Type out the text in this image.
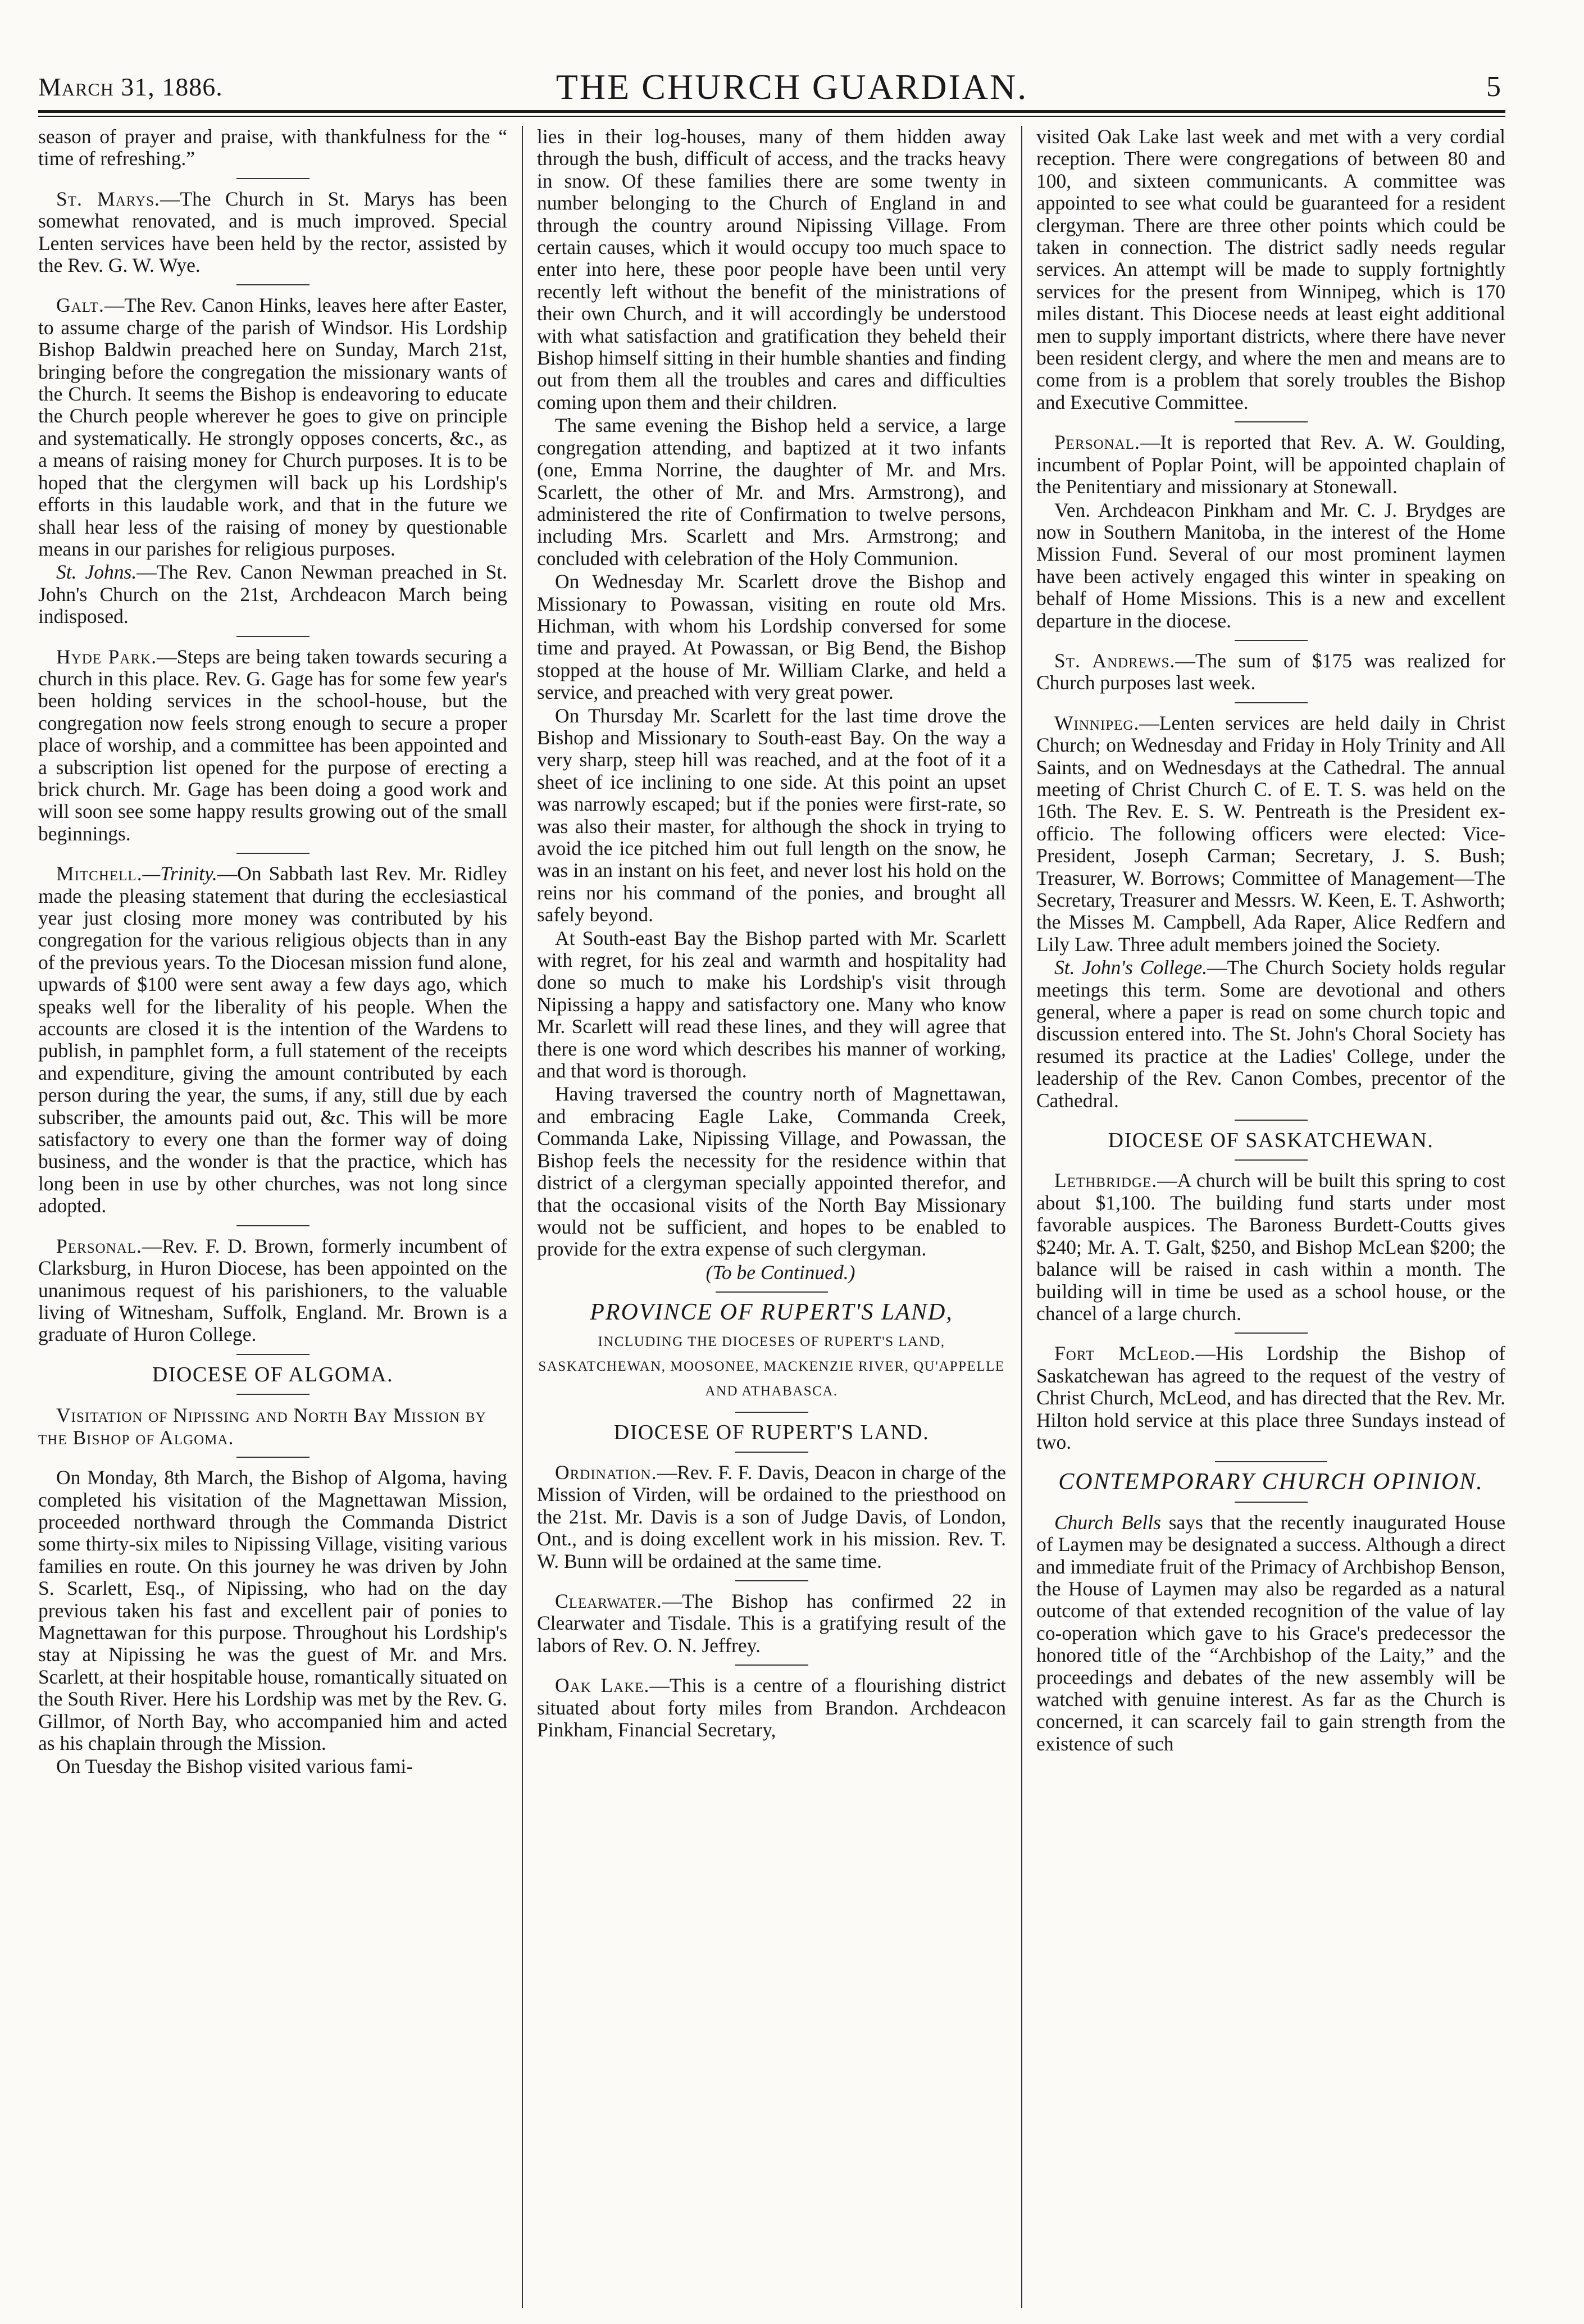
March 31, 1886.	THE CHURCH GUARDIAN.	5

season of prayer and praise, with thankfulness for the “ time of refreshing.”

St. Marys.—The Church in St. Marys has been somewhat renovated, and is much improved. Special Lenten services have been held by the rector, assisted by the Rev. G. W. Wye.

Galt.—The Rev. Canon Hinks, leaves here after Easter, to assume charge of the parish of Windsor. His Lordship Bishop Baldwin preached here on Sunday, March 21st, bringing before the congregation the missionary wants of the Church. It seems the Bishop is endeavoring to educate the Church people wherever he goes to give on principle and systematically. He strongly opposes concerts, &c., as a means of raising money for Church purposes. It is to be hoped that the clergymen will back up his Lordship's efforts in this laudable work, and that in the future we shall hear less of the raising of money by questionable means in our parishes for religious purposes.

St. Johns.—The Rev. Canon Newman preached in St. John's Church on the 21st, Archdeacon March being indisposed.

Hyde Park.—Steps are being taken towards securing a church in this place. Rev. G. Gage has for some few year's been holding services in the school-house, but the congregation now feels strong enough to secure a proper place of worship, and a committee has been appointed and a subscription list opened for the purpose of erecting a brick church. Mr. Gage has been doing a good work and will soon see some happy results growing out of the small beginnings.

Mitchell.—Trinity.—On Sabbath last Rev. Mr. Ridley made the pleasing statement that during the ecclesiastical year just closing more money was contributed by his congregation for the various religious objects than in any of the previous years. To the Diocesan mission fund alone, upwards of $100 were sent away a few days ago, which speaks well for the liberality of his people. When the accounts are closed it is the intention of the Wardens to publish, in pamphlet form, a full statement of the receipts and expenditure, giving the amount contributed by each person during the year, the sums, if any, still due by each subscriber, the amounts paid out, &c. This will be more satisfactory to every one than the former way of doing business, and the wonder is that the practice, which has long been in use by other churches, was not long since adopted.

Personal.—Rev. F. D. Brown, formerly incumbent of Clarksburg, in Huron Diocese, has been appointed on the unanimous request of his parishioners, to the valuable living of Witnesham, Suffolk, England. Mr. Brown is a graduate of Huron College.

DIOCESE OF ALGOMA.

Visitation of Nipissing and North Bay Mission by the Bishop of Algoma.

On Monday, 8th March, the Bishop of Algoma, having completed his visitation of the Magnettawan Mission, proceeded northward through the Commanda District some thirty-six miles to Nipissing Village, visiting various families en route. On this journey he was driven by John S. Scarlett, Esq., of Nipissing, who had on the day previous taken his fast and excellent pair of ponies to Magnettawan for this purpose. Throughout his Lordship's stay at Nipissing he was the guest of Mr. and Mrs. Scarlett, at their hospitable house, romantically situated on the South River. Here his Lordship was met by the Rev. G. Gillmor, of North Bay, who accompanied him and acted as his chaplain through the Mission.

On Tuesday the Bishop visited various fami-

lies in their log-houses, many of them hidden away through the bush, difficult of access, and the tracks heavy in snow. Of these families there are some twenty in number belonging to the Church of England in and through the country around Nipissing Village. From certain causes, which it would occupy too much space to enter into here, these poor people have been until very recently left without the benefit of the ministrations of their own Church, and it will accordingly be understood with what satisfaction and gratification they beheld their Bishop himself sitting in their humble shanties and finding out from them all the troubles and cares and difficulties coming upon them and their children.

The same evening the Bishop held a service, a large congregation attending, and baptized at it two infants (one, Emma Norrine, the daughter of Mr. and Mrs. Scarlett, the other of Mr. and Mrs. Armstrong), and administered the rite of Confirmation to twelve persons, including Mrs. Scarlett and Mrs. Armstrong; and concluded with celebration of the Holy Communion.

On Wednesday Mr. Scarlett drove the Bishop and Missionary to Powassan, visiting en route old Mrs. Hichman, with whom his Lordship conversed for some time and prayed. At Powassan, or Big Bend, the Bishop stopped at the house of Mr. William Clarke, and held a service, and preached with very great power.

On Thursday Mr. Scarlett for the last time drove the Bishop and Missionary to South-east Bay. On the way a very sharp, steep hill was reached, and at the foot of it a sheet of ice inclining to one side. At this point an upset was narrowly escaped; but if the ponies were first-rate, so was also their master, for although the shock in trying to avoid the ice pitched him out full length on the snow, he was in an instant on his feet, and never lost his hold on the reins nor his command of the ponies, and brought all safely beyond.

At South-east Bay the Bishop parted with Mr. Scarlett with regret, for his zeal and warmth and hospitality had done so much to make his Lordship's visit through Nipissing a happy and satisfactory one. Many who know Mr. Scarlett will read these lines, and they will agree that there is one word which describes his manner of working, and that word is thorough.

Having traversed the country north of Magnettawan, and embracing Eagle Lake, Commanda Creek, Commanda Lake, Nipissing Village, and Powassan, the Bishop feels the necessity for the residence within that district of a clergyman specially appointed therefor, and that the occasional visits of the North Bay Missionary would not be sufficient, and hopes to be enabled to provide for the extra expense of such clergyman.

(To be Continued.)

PROVINCE OF RUPERT'S LAND,
INCLUDING THE DIOCESES OF RUPERT'S LAND, SASKATCHEWAN, MOOSONEE, MACKENZIE RIVER, QU'APPELLE AND ATHABASCA.
DIOCESE OF RUPERT'S LAND.

Ordination.—Rev. F. F. Davis, Deacon in charge of the Mission of Virden, will be ordained to the priesthood on the 21st. Mr. Davis is a son of Judge Davis, of London, Ont., and is doing excellent work in his mission. Rev. T. W. Bunn will be ordained at the same time.

Clearwater.—The Bishop has confirmed 22 in Clearwater and Tisdale. This is a gratifying result of the labors of Rev. O. N. Jeffrey.

Oak Lake.—This is a centre of a flourishing district situated about forty miles from Brandon. Archdeacon Pinkham, Financial Secretary,

visited Oak Lake last week and met with a very cordial reception. There were congregations of between 80 and 100, and sixteen communicants. A committee was appointed to see what could be guaranteed for a resident clergyman. There are three other points which could be taken in connection. The district sadly needs regular services. An attempt will be made to supply fortnightly services for the present from Winnipeg, which is 170 miles distant. This Diocese needs at least eight additional men to supply important districts, where there have never been resident clergy, and where the men and means are to come from is a problem that sorely troubles the Bishop and Executive Committee.

Personal.—It is reported that Rev. A. W. Goulding, incumbent of Poplar Point, will be appointed chaplain of the Penitentiary and missionary at Stonewall.

Ven. Archdeacon Pinkham and Mr. C. J. Brydges are now in Southern Manitoba, in the interest of the Home Mission Fund. Several of our most prominent laymen have been actively engaged this winter in speaking on behalf of Home Missions. This is a new and excellent departure in the diocese.

St. Andrews.—The sum of $175 was realized for Church purposes last week.

Winnipeg.—Lenten services are held daily in Christ Church; on Wednesday and Friday in Holy Trinity and All Saints, and on Wednesdays at the Cathedral. The annual meeting of Christ Church C. of E. T. S. was held on the 16th. The Rev. E. S. W. Pentreath is the President ex-officio. The following officers were elected: Vice-President, Joseph Carman; Secretary, J. S. Bush; Treasurer, W. Borrows; Committee of Management—The Secretary, Treasurer and Messrs. W. Keen, E. T. Ashworth; the Misses M. Campbell, Ada Raper, Alice Redfern and Lily Law. Three adult members joined the Society.

St. John's College.—The Church Society holds regular meetings this term. Some are devotional and others general, where a paper is read on some church topic and discussion entered into. The St. John's Choral Society has resumed its practice at the Ladies' College, under the leadership of the Rev. Canon Combes, precentor of the Cathedral.

DIOCESE OF SASKATCHEWAN.

Lethbridge.—A church will be built this spring to cost about $1,100. The building fund starts under most favorable auspices. The Baroness Burdett-Coutts gives $240; Mr. A. T. Galt, $250, and Bishop McLean $200; the balance will be raised in cash within a month. The building will in time be used as a school house, or the chancel of a large church.

Fort McLeod.—His Lordship the Bishop of Saskatchewan has agreed to the request of the vestry of Christ Church, McLeod, and has directed that the Rev. Mr. Hilton hold service at this place three Sundays instead of two.

CONTEMPORARY CHURCH OPINION.

Church Bells says that the recently inaugurated House of Laymen may be designated a success. Although a direct and immediate fruit of the Primacy of Archbishop Benson, the House of Laymen may also be regarded as a natural outcome of that extended recognition of the value of lay co-operation which gave to his Grace's predecessor the honored title of the “Archbishop of the Laity,” and the proceedings and debates of the new assembly will be watched with genuine interest. As far as the Church is concerned, it can scarcely fail to gain strength from the existence of such
